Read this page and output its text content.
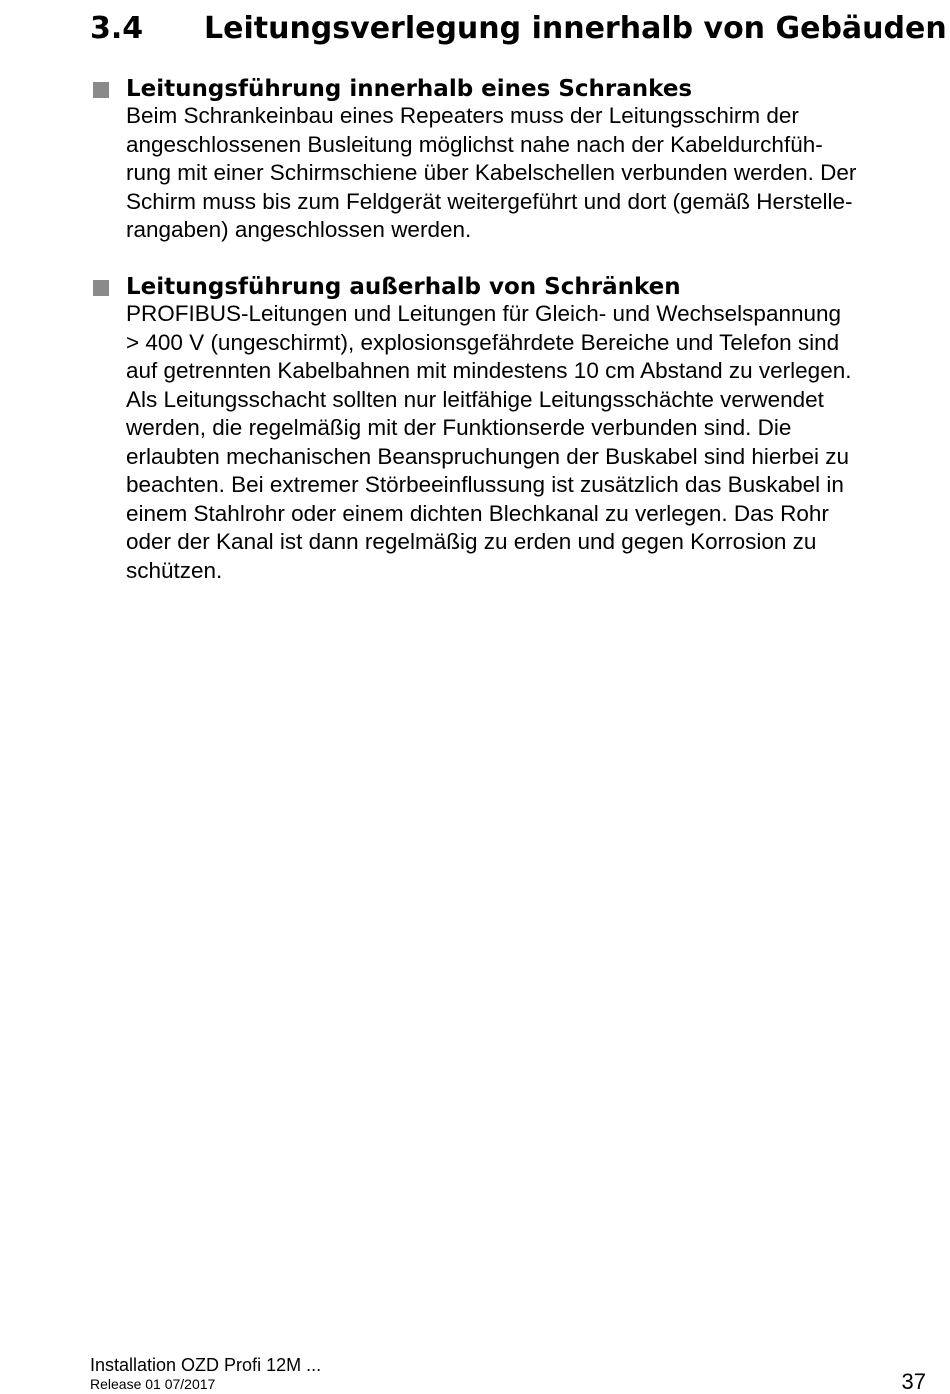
3.4 Leitungsverlegung innerhalb von Gebäuden
Leitungsführung innerhalb eines Schrankes
Beim Schrankeinbau eines Repeaters muss der Leitungsschirm der
angeschlossenen Busleitung möglichst nahe nach der Kabeldurchfüh-
rung mit einer Schirmschiene über Kabelschellen verbunden werden. Der
Schirm muss bis zum Feldgerät weitergeführt und dort (gemäß Herstelle-
rangaben) angeschlossen werden.
Leitungsführung außerhalb von Schränken
PROFIBUS-Leitungen und Leitungen für Gleich- und Wechselspannung
> 400 V (ungeschirmt), explosionsgefährdete Bereiche und Telefon sind
auf getrennten Kabelbahnen mit mindestens 10 cm Abstand zu verlegen.
Als Leitungsschacht sollten nur leitfähige Leitungsschächte verwendet
werden, die regelmäßig mit der Funktionserde verbunden sind. Die
erlaubten mechanischen Beanspruchungen der Buskabel sind hierbei zu
beachten. Bei extremer Störbeeinflussung ist zusätzlich das Buskabel in
einem Stahlrohr oder einem dichten Blechkanal zu verlegen. Das Rohr
oder der Kanal ist dann regelmäßig zu erden und gegen Korrosion zu
schützen.
Installation OZD Profi 12M ...
Release 01 07/2017	37
